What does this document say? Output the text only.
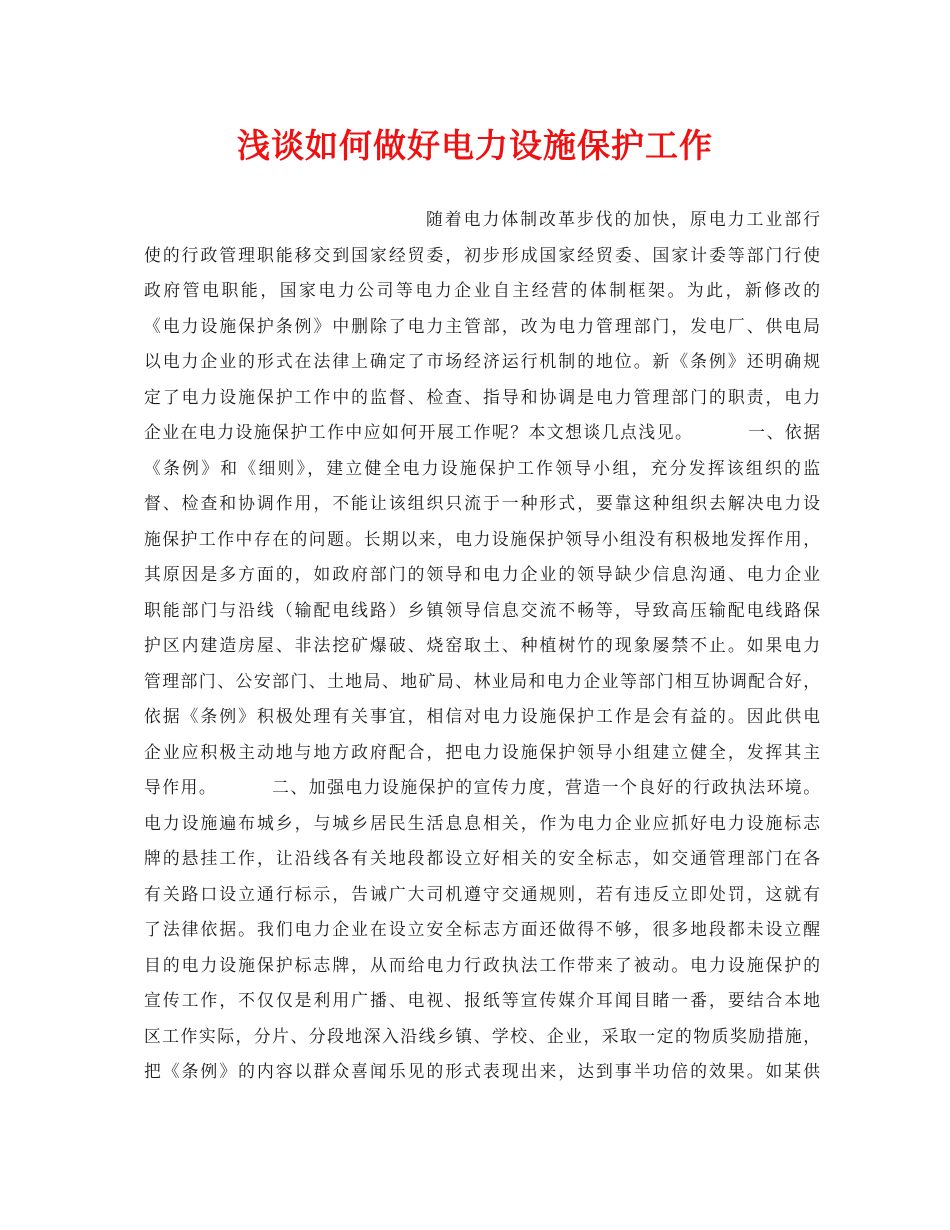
浅谈如何做好电力设施保护工作
随着电力体制改革步伐的加快，原电力工业部行
使的行政管理职能移交到国家经贸委，初步形成国家经贸委、国家计委等部门行使
政府管电职能，国家电力公司等电力企业自主经营的体制框架。为此，新修改的
《电力设施保护条例》中删除了电力主管部，改为电力管理部门，发电厂、供电局
以电力企业的形式在法律上确定了市场经济运行机制的地位。新《条例》还明确规
定了电力设施保护工作中的监督、检查、指导和协调是电力管理部门的职责，电力
企业在电力设施保护工作中应如何开展工作呢？本文想谈几点浅见。        一、依据
《条例》和《细则》，建立健全电力设施保护工作领导小组，充分发挥该组织的监
督、检查和协调作用，不能让该组织只流于一种形式，要靠这种组织去解决电力设
施保护工作中存在的问题。长期以来，电力设施保护领导小组没有积极地发挥作用，
其原因是多方面的，如政府部门的领导和电力企业的领导缺少信息沟通、电力企业
职能部门与沿线（输配电线路）乡镇领导信息交流不畅等，导致高压输配电线路保
护区内建造房屋、非法挖矿爆破、烧窑取土、种植树竹的现象屡禁不止。如果电力
管理部门、公安部门、土地局、地矿局、林业局和电力企业等部门相互协调配合好，
依据《条例》积极处理有关事宜，相信对电力设施保护工作是会有益的。因此供电
企业应积极主动地与地方政府配合，把电力设施保护领导小组建立健全，发挥其主
导作用。        二、加强电力设施保护的宣传力度，营造一个良好的行政执法环境。
电力设施遍布城乡，与城乡居民生活息息相关，作为电力企业应抓好电力设施标志
牌的悬挂工作，让沿线各有关地段都设立好相关的安全标志，如交通管理部门在各
有关路口设立通行标示，告诫广大司机遵守交通规则，若有违反立即处罚，这就有
了法律依据。我们电力企业在设立安全标志方面还做得不够，很多地段都未设立醒
目的电力设施保护标志牌，从而给电力行政执法工作带来了被动。电力设施保护的
宣传工作，不仅仅是利用广播、电视、报纸等宣传媒介耳闻目睹一番，要结合本地
区工作实际，分片、分段地深入沿线乡镇、学校、企业，采取一定的物质奖励措施，
把《条例》的内容以群众喜闻乐见的形式表现出来，达到事半功倍的效果。如某供
